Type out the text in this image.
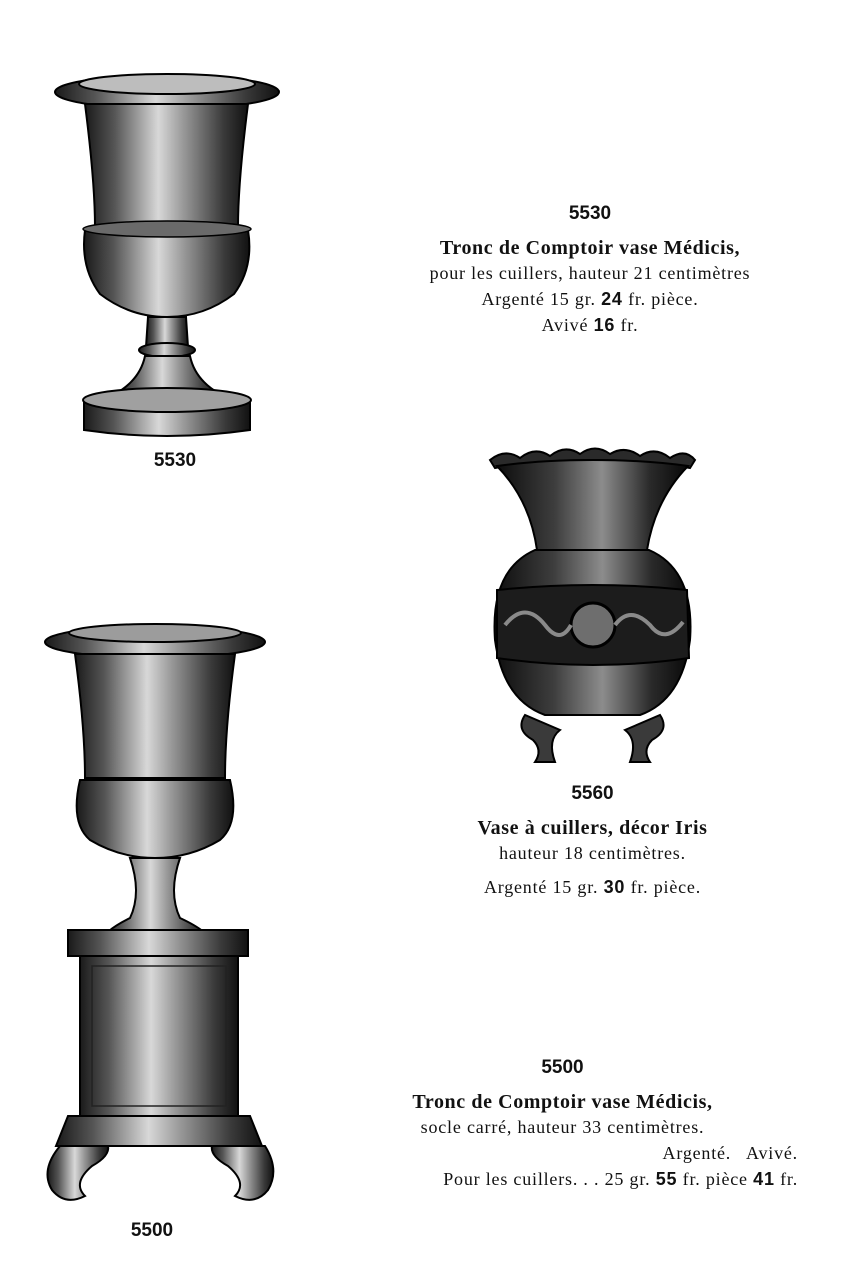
5530
5530
Tronc de Comptoir vase Médicis,
pour les cuillers, hauteur 21 centimètres
Argenté 15 gr. 24 fr. pièce.
Avivé 16 fr.
5560
Vase à cuillers, décor Iris
hauteur 18 centimètres.
Argenté 15 gr. 30 fr. pièce.
5500
5500
Tronc de Comptoir vase Médicis,
socle carré, hauteur 33 centimètres.
Argenté. Avivé.
Pour les cuillers. . . 25 gr. 55 fr. pièce 41 fr.
